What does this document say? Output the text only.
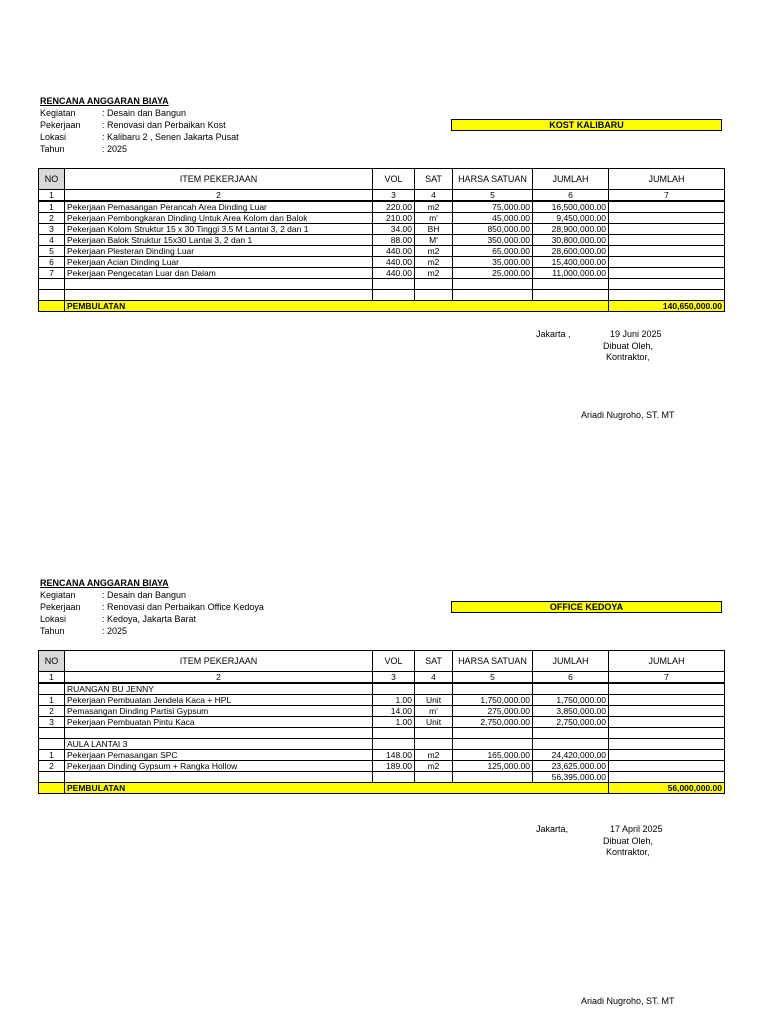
RENCANA ANGGARAN BIAYA
Kegiatan	: Desain dan Bangun
Pekerjaan : Renovasi dan Perbaikan Kost
Lokasi	: Kalibaru 2 , Senen Jakarta Pusat
Tahun	: 2025
KOST KALIBARU
NO	ITEM PEKERJAAN	VOL	SAT	HARSA SATUAN	JUMLAH	JUMLAH
1	2	3	4	5	6	7
1	Pekerjaan Pemasangan Perancah Area Dinding Luar	220.00	m2	75,000.00	16,500,000.00	
2	Pekerjaan Pembongkaran Dinding Untuk Area Kolom dan Balok	210.00	m'	45,000.00	9,450,000.00	
3	Pekerjaan Kolom Struktur 15 x 30 Tinggi 3.5 M Lantai 3, 2 dan 1	34.00	BH	850,000.00	28,900,000.00	
4	Pekerjaan Balok Struktur 15x30 Lantai 3, 2 dan 1	88.00	M'	350,000.00	30,800,000.00	
5	Pekerjaan Plesteran Dinding Luar	440.00	m2	65,000.00	28,600,000.00	
6	Pekerjaan Acian Dinding Luar	440.00	m2	35,000.00	15,400,000.00	
7	Pekerjaan Pengecatan Luar dan Dalam	440.00	m2	25,000.00	11,000,000.00	

	PEMBULATAN					140,650,000.00
Jakarta ,	19 Juni 2025
Dibuat Oleh,
Kontraktor,
Ariadi Nugroho, ST. MT
RENCANA ANGGARAN BIAYA
Kegiatan	: Desain dan Bangun
Pekerjaan : Renovasi dan Perbaikan Office Kedoya
Lokasi	: Kedoya, Jakarta Barat
Tahun	: 2025
OFFICE KEDOYA
NO	ITEM PEKERJAAN	VOL	SAT	HARSA SATUAN	JUMLAH	JUMLAH
1	2	3	4	5	6	7
	RUANGAN BU JENNY					
1	Pekerjaan Pembuatan Jendela Kaca + HPL	1.00	Unit	1,750,000.00	1,750,000.00	
2	Pemasangan Dinding Partisi Gypsum	14.00	m'	275,000.00	3,850,000.00	
3	Pekerjaan Pembuatan Pintu Kaca	1.00	Unit	2,750,000.00	2,750,000.00	

	AULA LANTAI 3					
1	Pekerjaan Pemasangan SPC	148.00	m2	165,000.00	24,420,000.00	
2	Pekerjaan Dinding Gypsum + Rangka Hollow	189.00	m2	125,000.00	23,625,000.00	
					56,395,000.00	
	PEMBULATAN					56,000,000.00
Jakarta,	17 April 2025
Dibuat Oleh,
Kontraktor,
Ariadi Nugroho, ST. MT
